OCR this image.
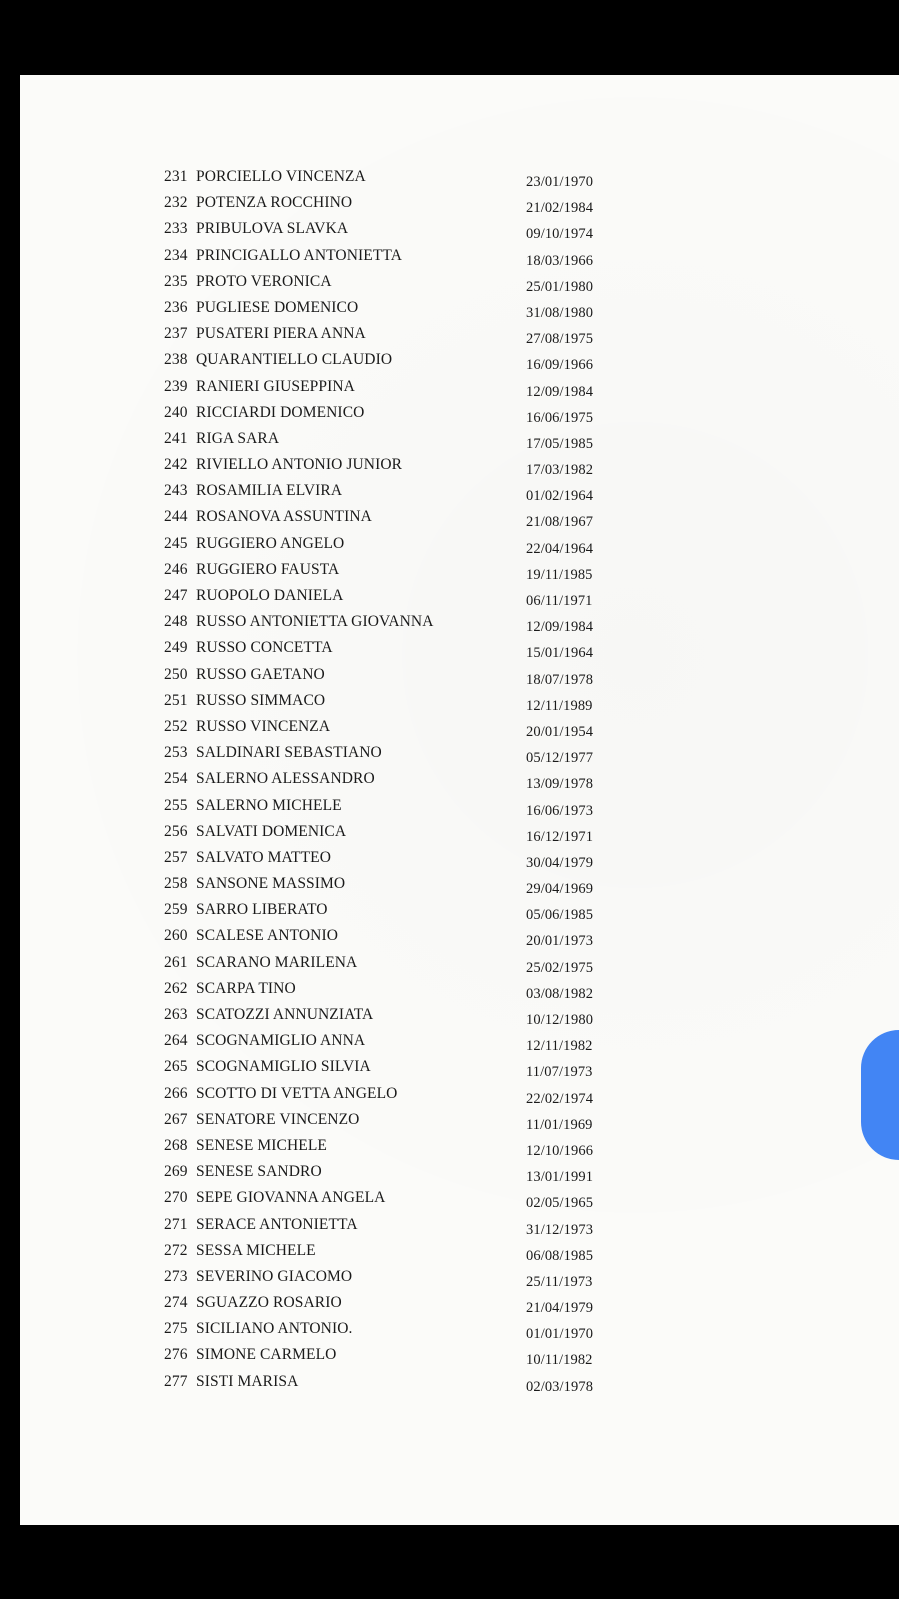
231 PORCIELLO VINCENZA	23/01/1970
232 POTENZA ROCCHINO	21/02/1984
233 PRIBULOVA SLAVKA	09/10/1974
234 PRINCIGALLO ANTONIETTA	18/03/1966
235 PROTO VERONICA	25/01/1980
236 PUGLIESE DOMENICO	31/08/1980
237 PUSATERI PIERA ANNA	27/08/1975
238 QUARANTIELLO CLAUDIO	16/09/1966
239 RANIERI GIUSEPPINA	12/09/1984
240 RICCIARDI DOMENICO	16/06/1975
241 RIGA SARA	17/05/1985
242 RIVIELLO ANTONIO JUNIOR	17/03/1982
243 ROSAMILIA ELVIRA	01/02/1964
244 ROSANOVA ASSUNTINA	21/08/1967
245 RUGGIERO ANGELO	22/04/1964
246 RUGGIERO FAUSTA	19/11/1985
247 RUOPOLO DANIELA	06/11/1971
248 RUSSO ANTONIETTA GIOVANNA	12/09/1984
249 RUSSO CONCETTA	15/01/1964
250 RUSSO GAETANO	18/07/1978
251 RUSSO SIMMACO	12/11/1989
252 RUSSO VINCENZA	20/01/1954
253 SALDINARI SEBASTIANO	05/12/1977
254 SALERNO ALESSANDRO	13/09/1978
255 SALERNO MICHELE	16/06/1973
256 SALVATI DOMENICA	16/12/1971
257 SALVATO MATTEO	30/04/1979
258 SANSONE MASSIMO	29/04/1969
259 SARRO LIBERATO	05/06/1985
260 SCALESE ANTONIO	20/01/1973
261 SCARANO MARILENA	25/02/1975
262 SCARPA TINO	03/08/1982
263 SCATOZZI ANNUNZIATA	10/12/1980
264 SCOGNAMIGLIO ANNA	12/11/1982
265 SCOGNAMIGLIO SILVIA	11/07/1973
266 SCOTTO DI VETTA ANGELO	22/02/1974
267 SENATORE VINCENZO	11/01/1969
268 SENESE MICHELE	12/10/1966
269 SENESE SANDRO	13/01/1991
270 SEPE GIOVANNA ANGELA	02/05/1965
271 SERACE ANTONIETTA	31/12/1973
272 SESSA MICHELE	06/08/1985
273 SEVERINO GIACOMO	25/11/1973
274 SGUAZZO ROSARIO	21/04/1979
275 SICILIANO ANTONIO.	01/01/1970
276 SIMONE CARMELO	10/11/1982
277 SISTI MARISA	02/03/1978
